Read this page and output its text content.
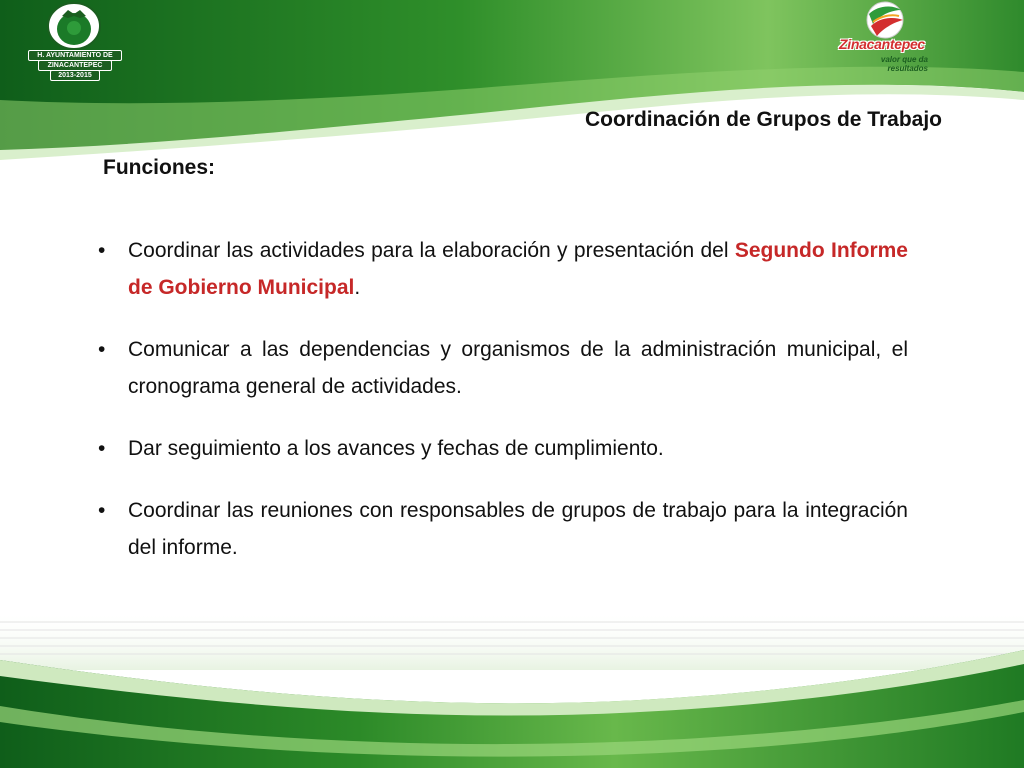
H. AYUNTAMIENTO DE
ZINACANTEPEC
2013-2015
Zinacantepec
valor que da resultados
Coordinación de Grupos de Trabajo
Funciones:
• Coordinar las actividades para la elaboración y presentación del Segundo Informe de Gobierno Municipal.
• Comunicar a las dependencias y organismos de la administración municipal, el cronograma general de actividades.
• Dar seguimiento a los avances y fechas de cumplimiento.
• Coordinar las reuniones con responsables de grupos de trabajo para la integración del informe.
